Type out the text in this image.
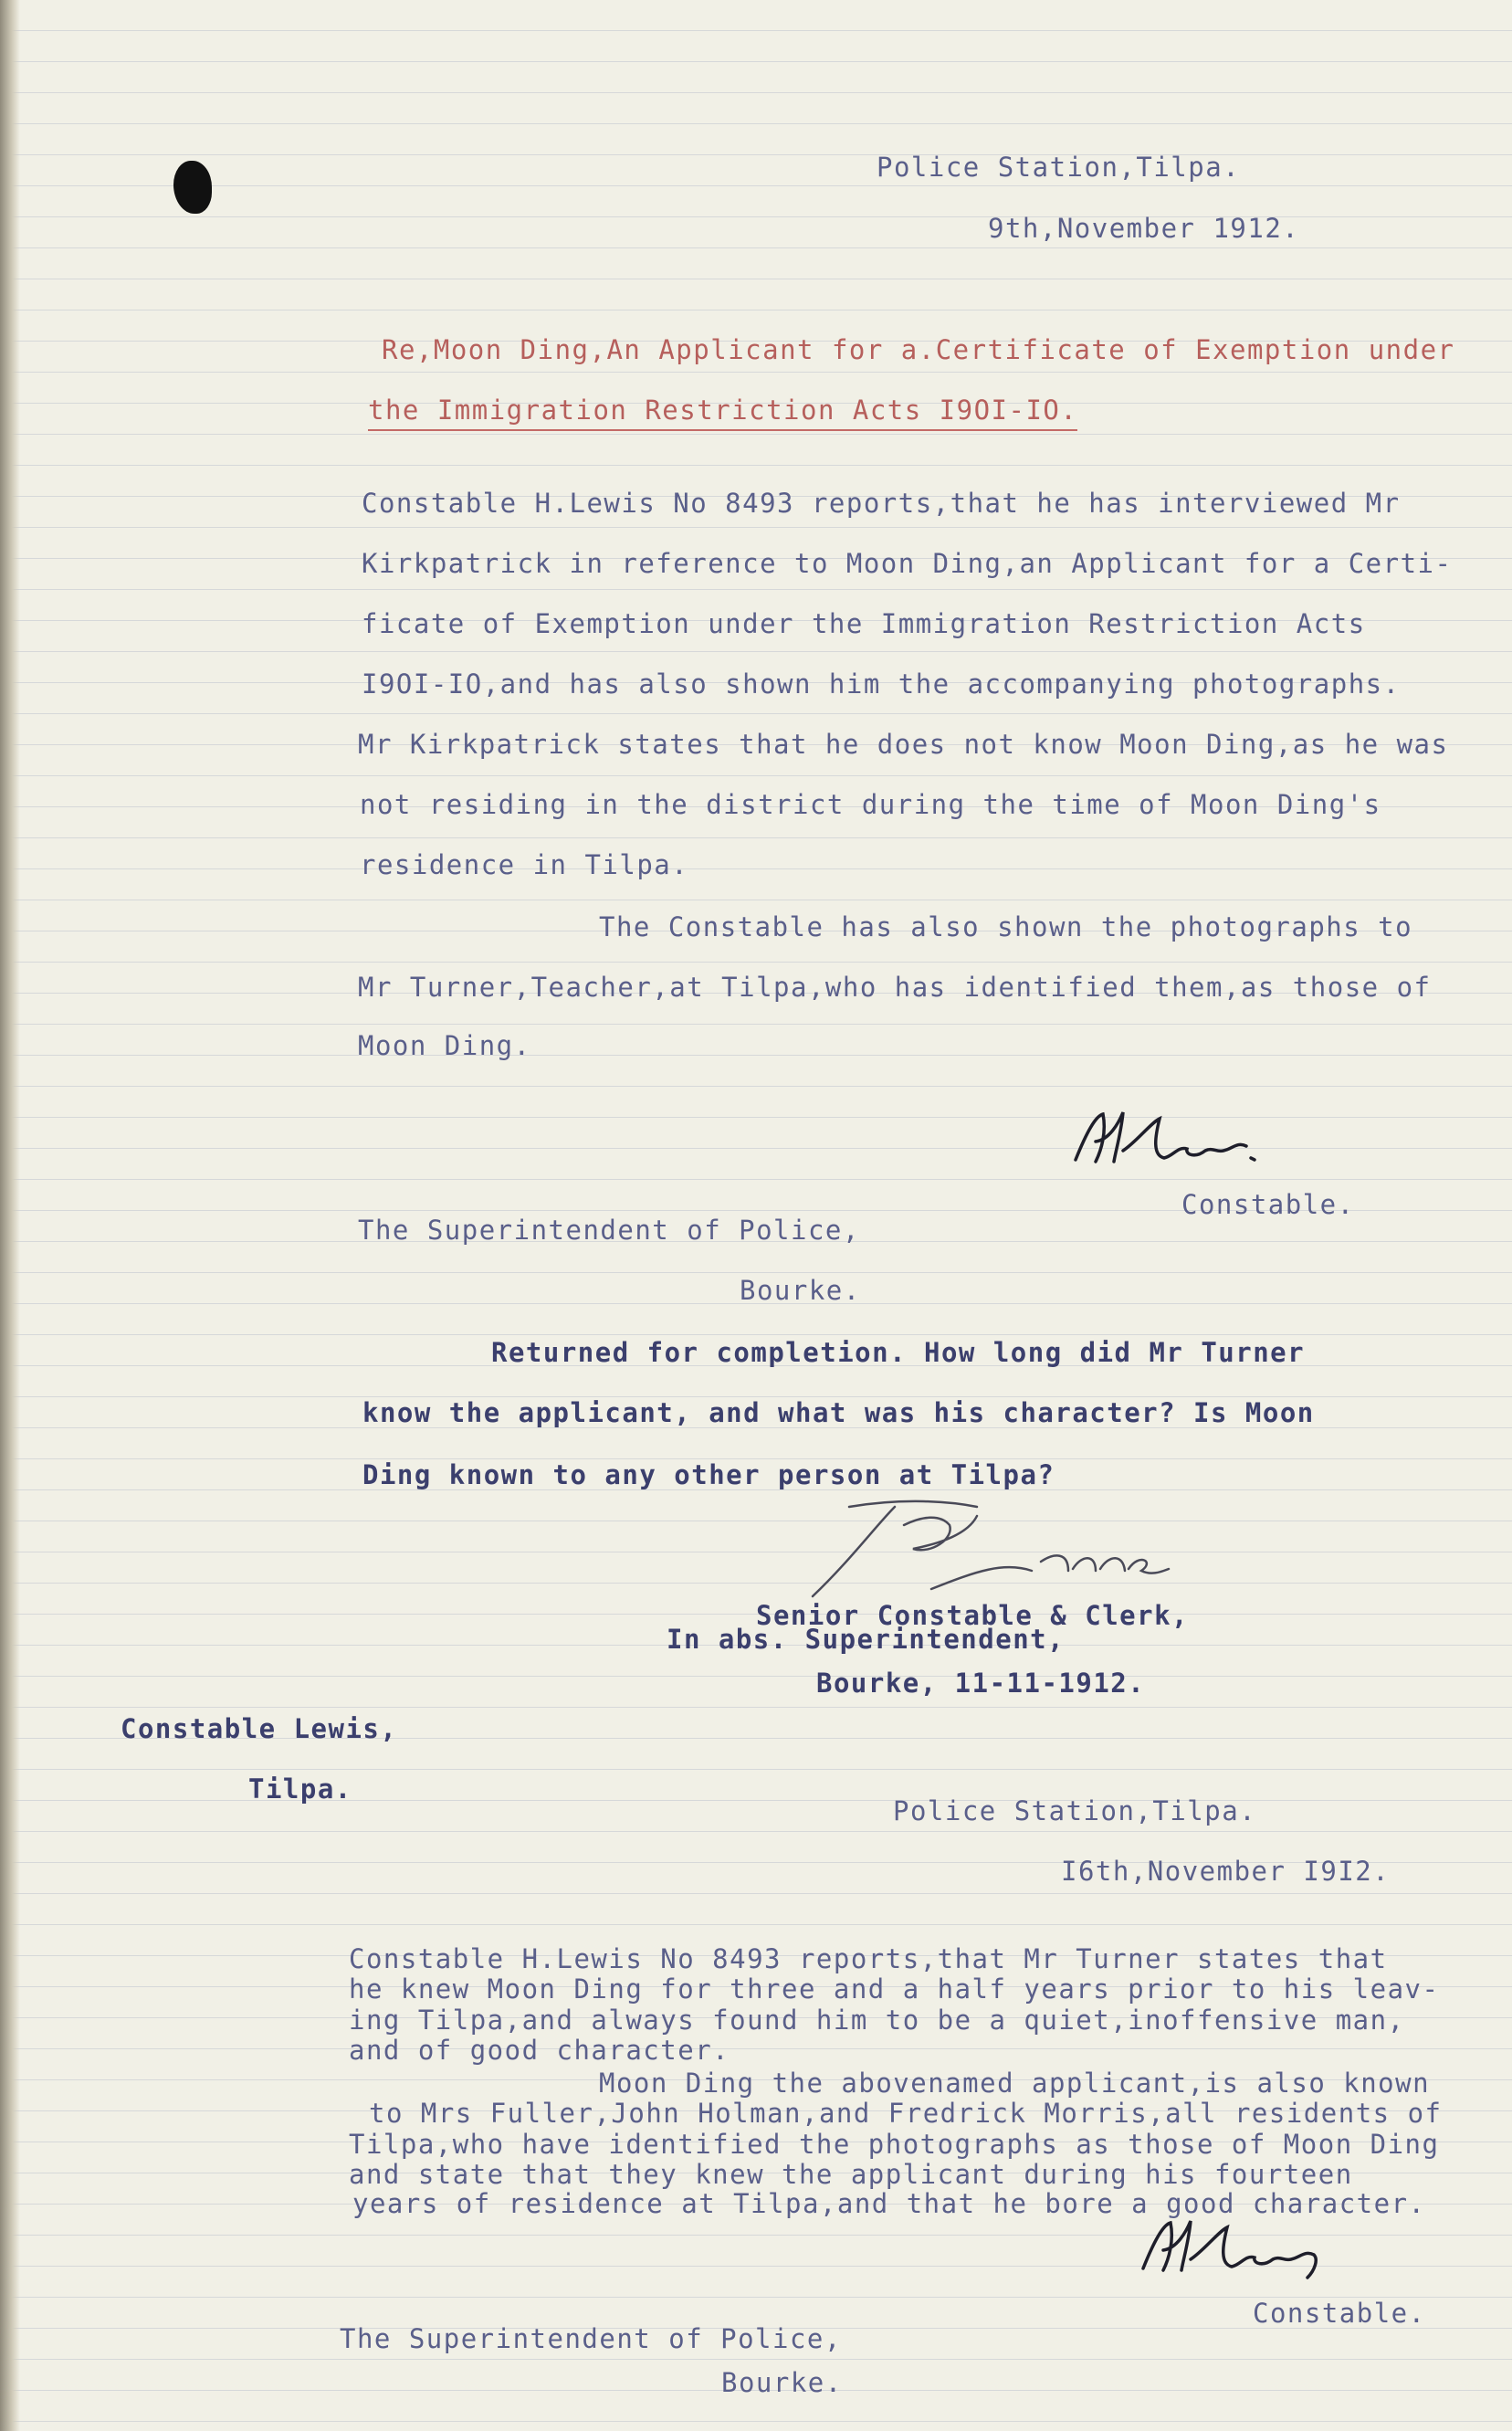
Police Station,Tilpa.

9th,November 1912.

Re,Moon Ding,An Applicant for a.Certificate of Exemption under

the Immigration Restriction Acts I9OI-IO.

Constable H.Lewis No 8493 reports,that he has interviewed Mr
Kirkpatrick in reference to Moon Ding,an Applicant for a Certi-
ficate of Exemption under the Immigration Restriction Acts
I9OI-IO,and has also shown him the accompanying photographs.
Mr Kirkpatrick states that he does not know Moon Ding,as he was
not residing in the district during the time of Moon Ding's
residence in Tilpa.
The Constable has also shown the photographs to
Mr Turner,Teacher,at Tilpa,who has identified them,as those of
Moon Ding.

Constable.

The Superintendent of Police,

Bourke.

Returned for completion. How long did Mr Turner

know the applicant, and what was his character? Is Moon

Ding known to any other person at Tilpa?

Senior Constable & Clerk,

In abs. Superintendent,

Bourke, 11-11-1912.

Constable Lewis,

Tilpa.

Police Station,Tilpa.

I6th,November I9I2.

Constable H.Lewis No 8493 reports,that Mr Turner states that
he knew Moon Ding for three and a half years prior to his leav-
ing Tilpa,and always found him to be a quiet,inoffensive man,
and of good character.
Moon Ding the abovenamed applicant,is also known
to Mrs Fuller,John Holman,and Fredrick Morris,all residents of
Tilpa,who have identified the photographs as those of Moon Ding
and state that they knew the applicant during his fourteen
years of residence at Tilpa,and that he bore a good character.

Constable.

The Superintendent of Police,

Bourke.
